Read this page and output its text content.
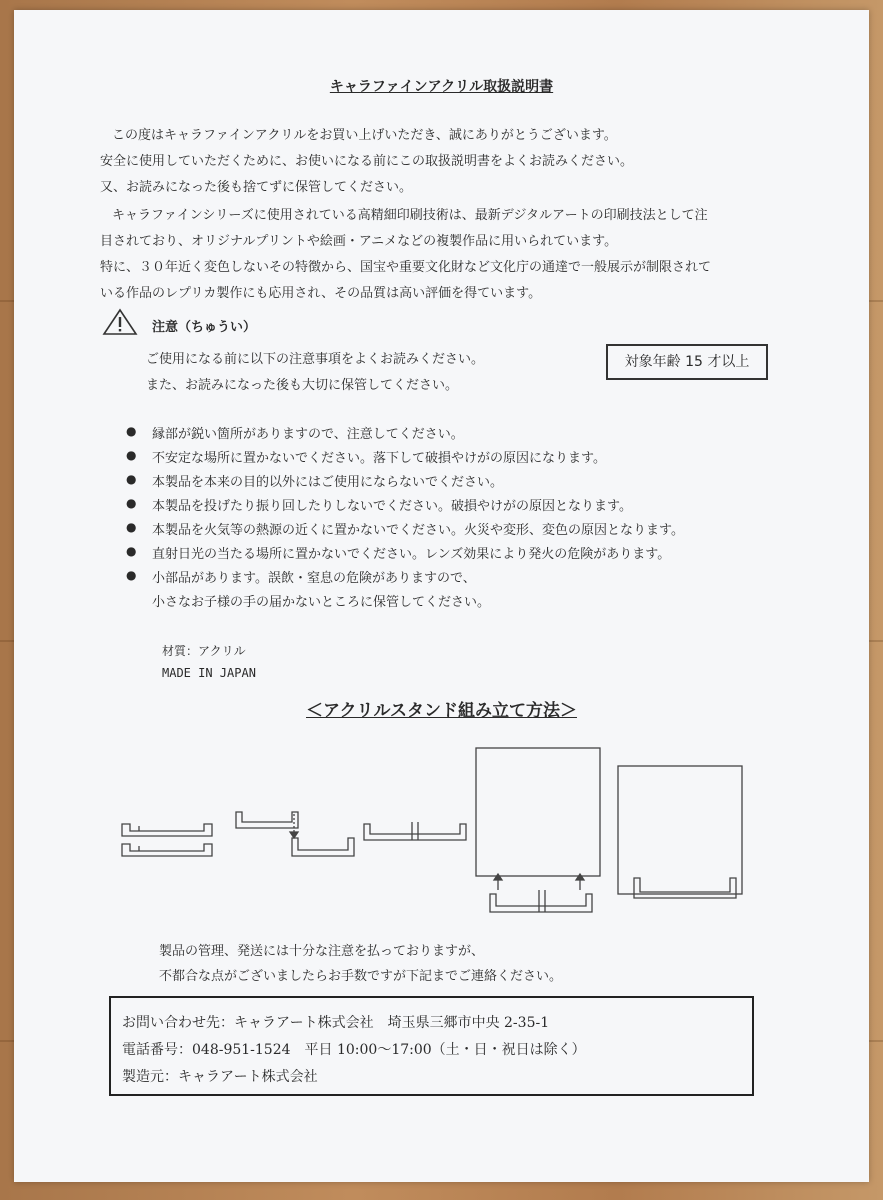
キャラファインアクリル取扱説明書
この度はキャラファインアクリルをお買い上げいただき、誠にありがとうございます。
安全に使用していただくために、お使いになる前にこの取扱説明書をよくお読みください。
又、お読みになった後も捨てずに保管してください。
キャラファインシリーズに使用されている高精細印刷技術は、最新デジタルアートの印刷技法として注
目されており、オリジナルプリントや絵画・アニメなどの複製作品に用いられています。
特に、３０年近く変色しないその特徴から、国宝や重要文化財など文化庁の通達で一般展示が制限されて
いる作品のレプリカ製作にも応用され、その品質は高い評価を得ています。
注意（ちゅうい）
ご使用になる前に以下の注意事項をよくお読みください。
また、お読みになった後も大切に保管してください。
対象年齢 15 才以上
● 縁部が鋭い箇所がありますので、注意してください。
● 不安定な場所に置かないでください。落下して破損やけがの原因になります。
● 本製品を本来の目的以外にはご使用にならないでください。
● 本製品を投げたり振り回したりしないでください。破損やけがの原因となります。
● 本製品を火気等の熱源の近くに置かないでください。火災や変形、変色の原因となります。
● 直射日光の当たる場所に置かないでください。レンズ効果により発火の危険があります。
● 小部品があります。誤飲・窒息の危険がありますので、
小さなお子様の手の届かないところに保管してください。
材質：アクリル
MADE IN JAPAN
＜アクリルスタンド組み立て方法＞
製品の管理、発送には十分な注意を払っておりますが、
不都合な点がございましたらお手数ですが下記までご連絡ください。
お問い合わせ先：キャラアート株式会社　埼玉県三郷市中央 2-35-1
電話番号：048-951-1524　平日 10:00〜17:00（土・日・祝日は除く）
製造元：キャラアート株式会社
